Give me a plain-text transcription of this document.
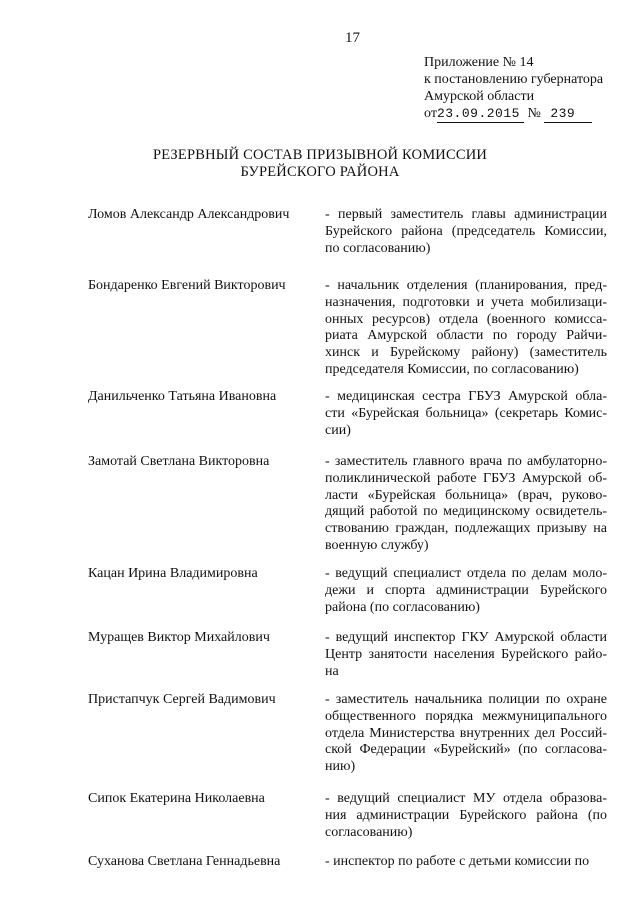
17
Приложение № 14
к постановлению губернатора
Амурской области
от23.09.2015 № 239
РЕЗЕРВНЫЙ СОСТАВ ПРИЗЫВНОЙ КОМИССИИ
БУРЕЙСКОГО РАЙОНА
Ломов Александр Александрович	- первый заместитель главы администрации
Бурейского района (председатель Комиссии,
по согласованию)
Бондаренко Евгений Викторович	- начальник отделения (планирования, пред-
назначения, подготовки и учета мобилизаци-
онных ресурсов) отдела (военного комисса-
риата Амурской области по городу Райчи-
хинск и Бурейскому району) (заместитель
председателя Комиссии, по согласованию)
Данильченко Татьяна Ивановна	- медицинская сестра ГБУЗ Амурской обла-
сти «Бурейская больница» (секретарь Комис-
сии)
Замотай Светлана Викторовна	- заместитель главного врача по амбулаторно-
поликлинической работе ГБУЗ Амурской об-
ласти «Бурейская больница» (врач, руково-
дящий работой по медицинскому освидетель-
ствованию граждан, подлежащих призыву на
военную службу)
Кацан Ирина Владимировна	- ведущий специалист отдела по делам моло-
дежи и спорта администрации Бурейского
района (по согласованию)
Муращев Виктор Михайлович	- ведущий инспектор ГКУ Амурской области
Центр занятости населения Бурейского райо-
на
Пристапчук Сергей Вадимович	- заместитель начальника полиции по охране
общественного порядка межмуниципального
отдела Министерства внутренних дел Россий-
ской Федерации «Бурейский» (по согласова-
нию)
Сипок Екатерина Николаевна	- ведущий специалист МУ отдела образова-
ния администрации Бурейского района (по
согласованию)
Суханова Светлана Геннадьевна	- инспектор по работе с детьми комиссии по
